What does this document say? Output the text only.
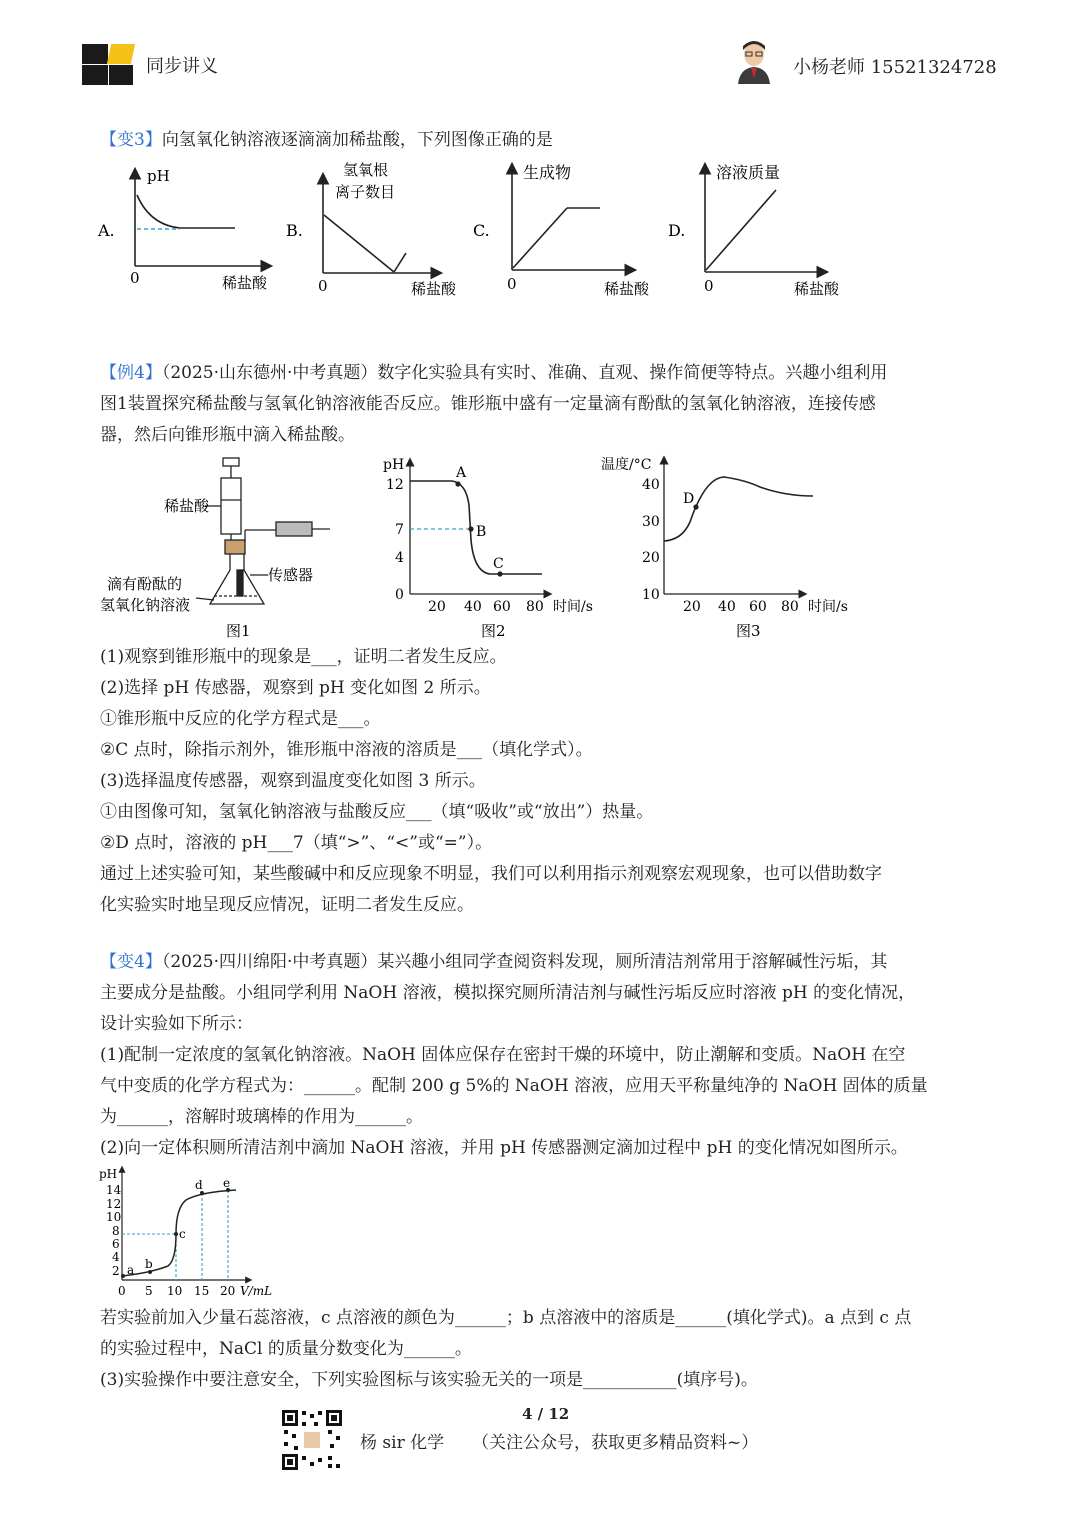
同步讲义	小杨老师 15521324728
【变3】向氢氧化钠溶液逐滴滴加稀盐酸，下列图像正确的是
A.
pH
0	稀盐酸
B.
氢氧根
离子数目
0	稀盐酸
C.
生成物
0	稀盐酸
D.
溶液质量
0	稀盐酸
【例4】（2025·山东德州·中考真题）数字化实验具有实时、准确、直观、操作简便等特点。兴趣小组利用
图1装置探究稀盐酸与氢氧化钠溶液能否反应。锥形瓶中盛有一定量滴有酚酞的氢氧化钠溶液，连接传感
器，然后向锥形瓶中滴入稀盐酸。
稀盐酸
传感器
滴有酚酞的
氢氧化钠溶液
图1
pH
时间/s
12
7
4
0
20 40 60 80
A
B
C
图2
温度/°C
时间/s
40
30
20
10
20 40 60 80
D
图3
(1)观察到锥形瓶中的现象是___，证明二者发生反应。
(2)选择 pH 传感器，观察到 pH 变化如图 2 所示。
①锥形瓶中反应的化学方程式是___。
②C 点时，除指示剂外，锥形瓶中溶液的溶质是___（填化学式）。
(3)选择温度传感器，观察到温度变化如图 3 所示。
①由图像可知，氢氧化钠溶液与盐酸反应___（填“吸收”或“放出”）热量。
②D 点时，溶液的 pH___7（填“>”、“<”或“=”）。
通过上述实验可知，某些酸碱中和反应现象不明显，我们可以利用指示剂观察宏观现象，也可以借助数字
化实验实时地呈现反应情况，证明二者发生反应。
【变4】（2025·四川绵阳·中考真题）某兴趣小组同学查阅资料发现，厕所清洁剂常用于溶解碱性污垢，其
主要成分是盐酸。小组同学利用 NaOH 溶液，模拟探究厕所清洁剂与碱性污垢反应时溶液 pH 的变化情况，
设计实验如下所示：
(1)配制一定浓度的氢氧化钠溶液。NaOH 固体应保存在密封干燥的环境中，防止潮解和变质。NaOH 在空
气中变质的化学方程式为：______。配制 200 g 5%的 NaOH 溶液，应用天平称量纯净的 NaOH 固体的质量
为______，溶解时玻璃棒的作用为______。
(2)向一定体积厕所清洁剂中滴加 NaOH 溶液，并用 pH 传感器测定滴加过程中 pH 的变化情况如图所示。
pH
14
12
10
8
6
4
2
0 5 10 15 20 V/mL
a b
c
d e
若实验前加入少量石蕊溶液，c 点溶液的颜色为______；b 点溶液中的溶质是______(填化学式)。a 点到 c 点
的实验过程中，NaCl 的质量分数变化为______。
(3)实验操作中要注意安全，下列实验图标与该实验无关的一项是___________(填序号)。
4 / 12
杨 sir 化学 （关注公众号，获取更多精品资料~）
